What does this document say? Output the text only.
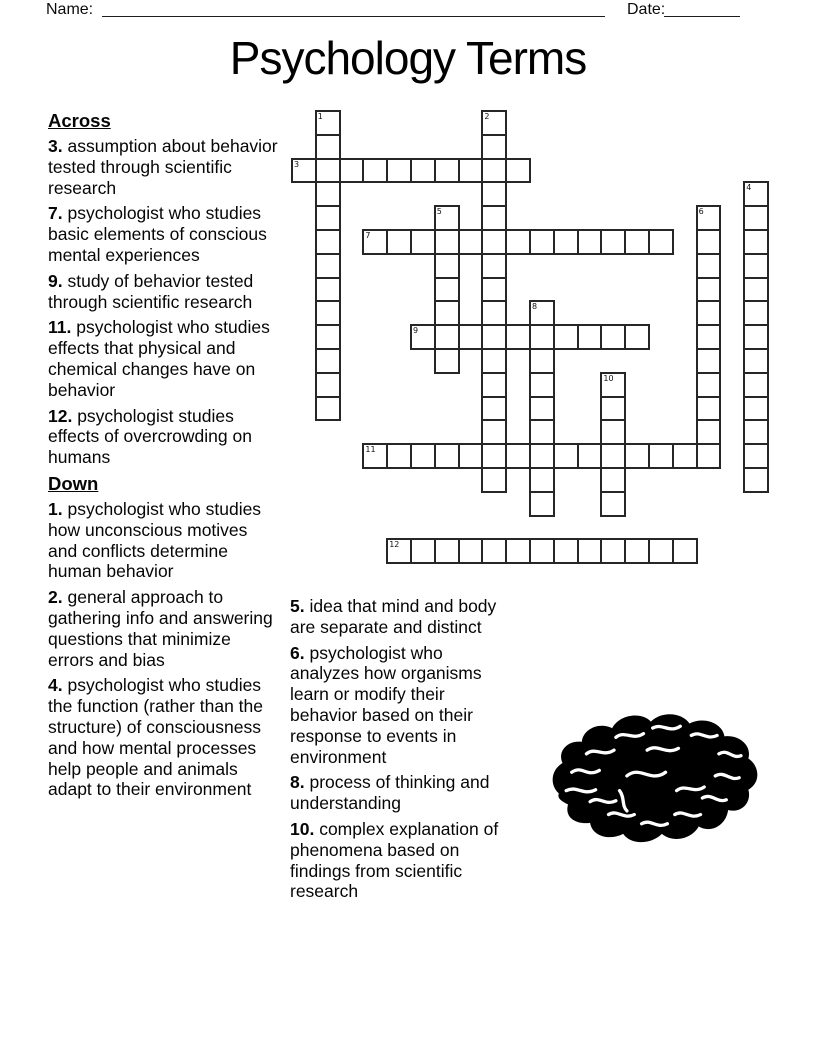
Name:	Date:
Psychology Terms
1	2
3
4
5	6
7
8
9
10
11
12
Across
3. assumption about behavior tested through scientific research
7. psychologist who studies basic elements of conscious mental experiences
9. study of behavior tested through scientific research
11. psychologist who studies effects that physical and chemical changes have on behavior
12. psychologist studies effects of overcrowding on humans
Down
1. psychologist who studies how unconscious motives and conflicts determine human behavior
2. general approach to gathering info and answering questions that minimize errors and bias
4. psychologist who studies the function (rather than the structure) of consciousness and how mental processes help people and animals adapt to their environment
5. idea that mind and body are separate and distinct
6. psychologist who analyzes how organisms learn or modify their behavior based on their response to events in environment
8. process of thinking and understanding
10. complex explanation of phenomena based on findings from scientific research
